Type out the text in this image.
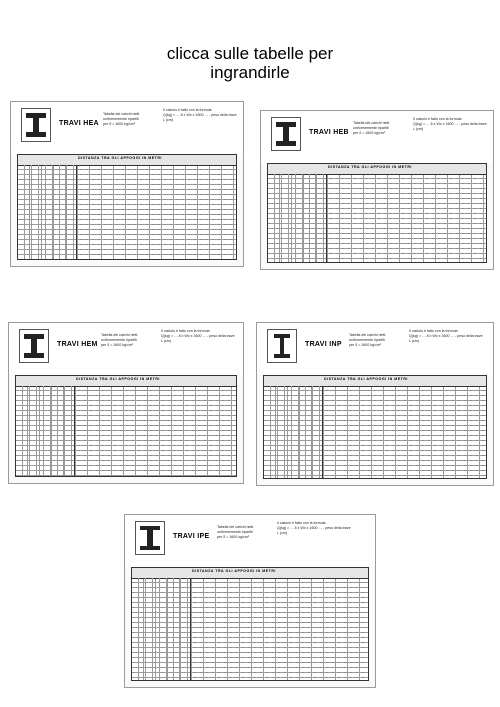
clicca sulle tabelle per
ingrandirle
TRAVI HEA
Tabella dei carichi netti
uniformemente ripartiti
per δ = 1600 kg/cm²
Il calcolo è fatto con la formula
Q(kg) = … 8 x Wx x 1600 … - peso della trave
L (cm)
DISTANZA TRA GLI APPOGGI IN METRI
TRAVI HEB
Tabella dei carichi netti
uniformemente ripartiti
per δ = 1600 kg/cm²
Il calcolo è fatto con la formula
Q(kg) = … 8 x Wx x 1600 … - peso della trave
L (cm)
DISTANZA TRA GLI APPOGGI IN METRI
TRAVI HEM
Tabella dei carichi netti
uniformemente ripartiti
per δ = 1600 kg/cm²
Il calcolo è fatto con la formula
Q(kg) = … 8 x Wx x 1600 … - peso della trave
L (cm)
DISTANZA TRA GLI APPOGGI IN METRI
TRAVI INP
Tabella dei carichi netti
uniformemente ripartiti
per δ = 1600 kg/cm²
Il calcolo è fatto con la formula
Q(kg) = … 8 x Wx x 1600 … - peso della trave
L (cm)
DISTANZA TRA GLI APPOGGI IN METRI
TRAVI IPE
Tabella dei carichi netti
uniformemente ripartiti
per δ = 1600 kg/cm²
Il calcolo è fatto con la formula
Q(kg) = … 8 x Wx x 1600 … - peso della trave
L (cm)
DISTANZA TRA GLI APPOGGI IN METRI
